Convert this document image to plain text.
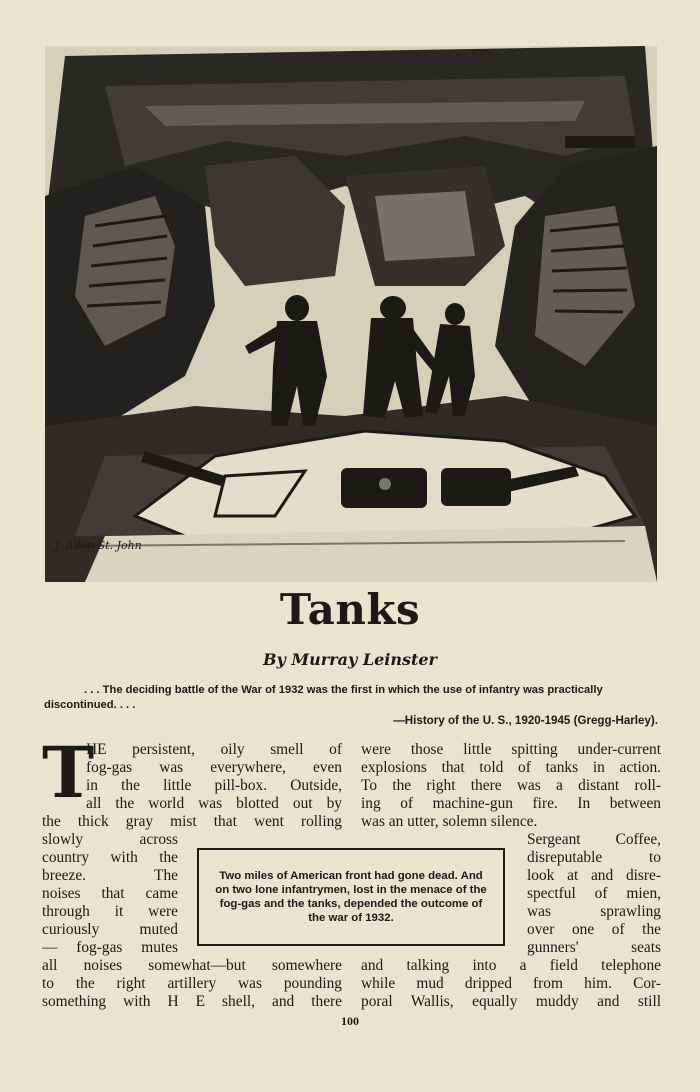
J. Allen St. John
Tanks
By Murray Leinster
. . . The deciding battle of the War of 1932 was the first in which the use of infantry was practically discontinued. . . .
—History of the U. S., 1920-1945 (Gregg-Harley).
T
HE persistent, oily smell of
fog-gas was everywhere, even
in the little pill-box. Outside,
all the world was blotted out by
the thick gray mist that went rolling
slowly across
country with the
breeze. The
noises that came
through it were
curiously muted
— fog-gas mutes
all noises somewhat—but somewhere
to the right artillery was pounding
something with H E shell, and there
were those little spitting under-current
explosions that told of tanks in action.
To the right there was a distant roll-
ing of machine-gun fire. In between
was an utter, solemn silence.
Sergeant Coffee,
disreputable to
look at and disre-
spectful of mien,
was sprawling
over one of the
gunners' seats
and talking into a field telephone
while mud dripped from him. Cor-
poral Wallis, equally muddy and still
Two miles of American front had gone dead. And on two lone infantrymen, lost in the menace of the fog-gas and the tanks, depended the outcome of the war of 1932.
100
